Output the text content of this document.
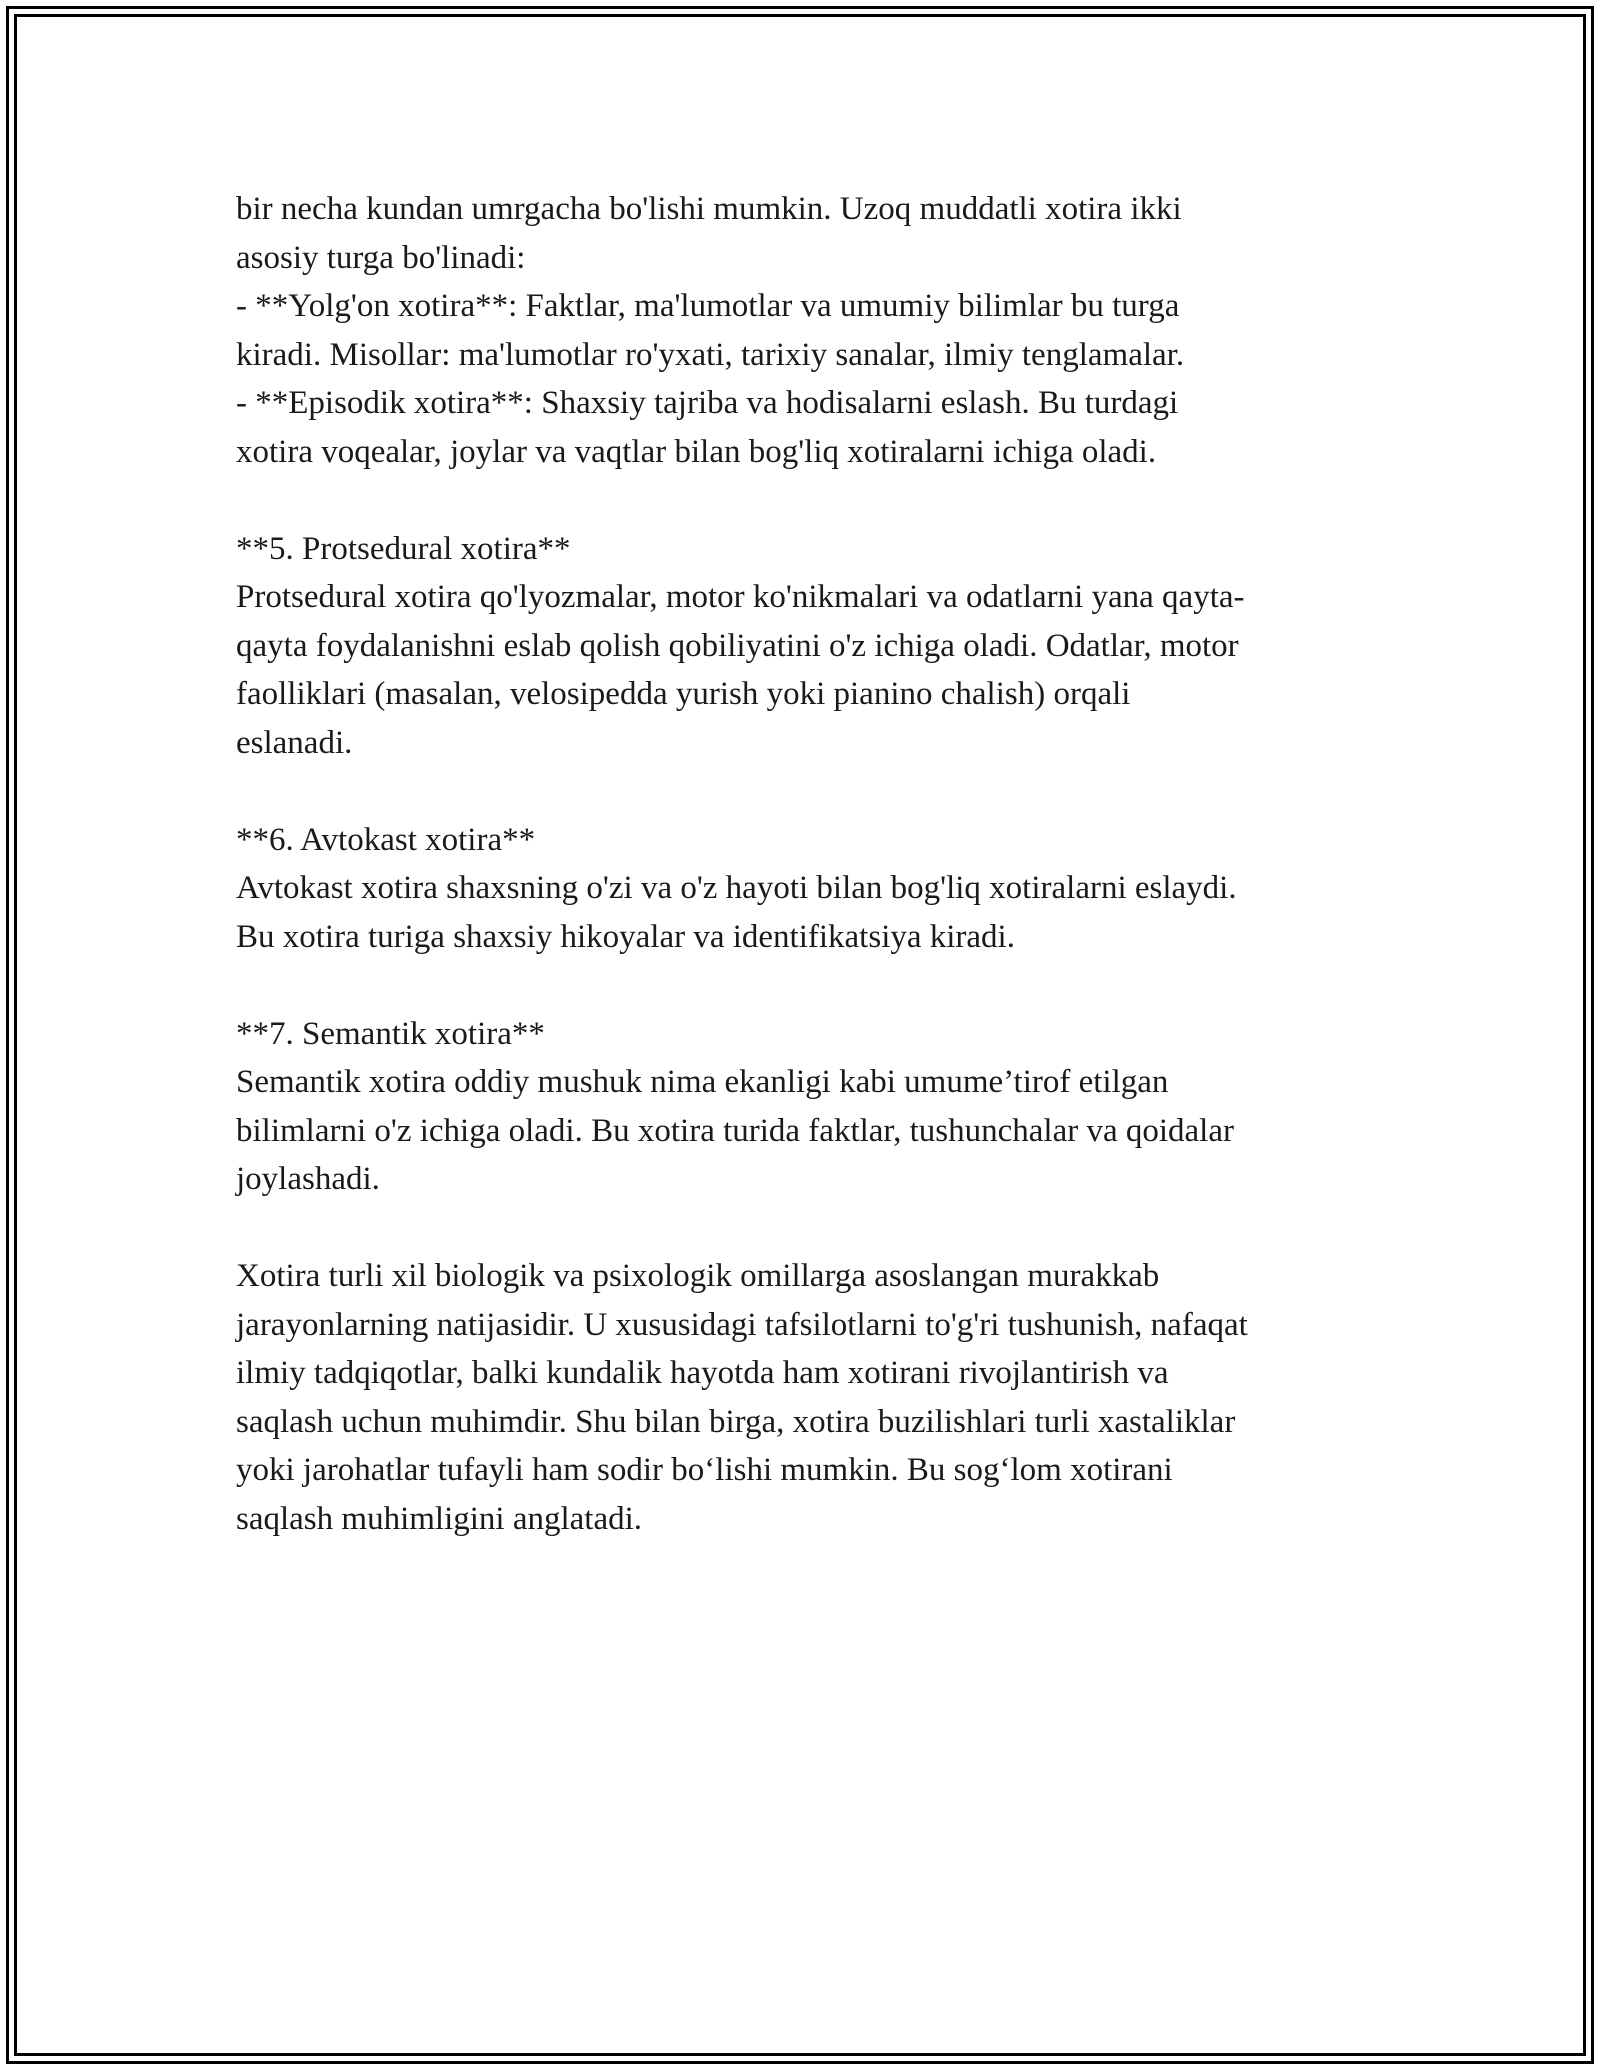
bir necha kundan umrgacha bo'lishi mumkin. Uzoq muddatli xotira ikki
asosiy turga bo'linadi:
- **Yolg'on xotira**: Faktlar, ma'lumotlar va umumiy bilimlar bu turga
kiradi. Misollar: ma'lumotlar ro'yxati, tarixiy sanalar, ilmiy tenglamalar.
- **Episodik xotira**: Shaxsiy tajriba va hodisalarni eslash. Bu turdagi
xotira voqealar, joylar va vaqtlar bilan bog'liq xotiralarni ichiga oladi.
**5. Protsedural xotira**
Protsedural xotira qo'lyozmalar, motor ko'nikmalari va odatlarni yana qayta-
qayta foydalanishni eslab qolish qobiliyatini o'z ichiga oladi. Odatlar, motor
faolliklari (masalan, velosipedda yurish yoki pianino chalish) orqali
eslanadi.
**6. Avtokast xotira**
Avtokast xotira shaxsning o'zi va o'z hayoti bilan bog'liq xotiralarni eslaydi.
Bu xotira turiga shaxsiy hikoyalar va identifikatsiya kiradi.
**7. Semantik xotira**
Semantik xotira oddiy mushuk nima ekanligi kabi umume’tirof etilgan
bilimlarni o'z ichiga oladi. Bu xotira turida faktlar, tushunchalar va qoidalar
joylashadi.
Xotira turli xil biologik va psixologik omillarga asoslangan murakkab
jarayonlarning natijasidir. U xususidagi tafsilotlarni to'g'ri tushunish, nafaqat
ilmiy tadqiqotlar, balki kundalik hayotda ham xotirani rivojlantirish va
saqlash uchun muhimdir. Shu bilan birga, xotira buzilishlari turli xastaliklar
yoki jarohatlar tufayli ham sodir bo‘lishi mumkin. Bu sog‘lom xotirani
saqlash muhimligini anglatadi.
